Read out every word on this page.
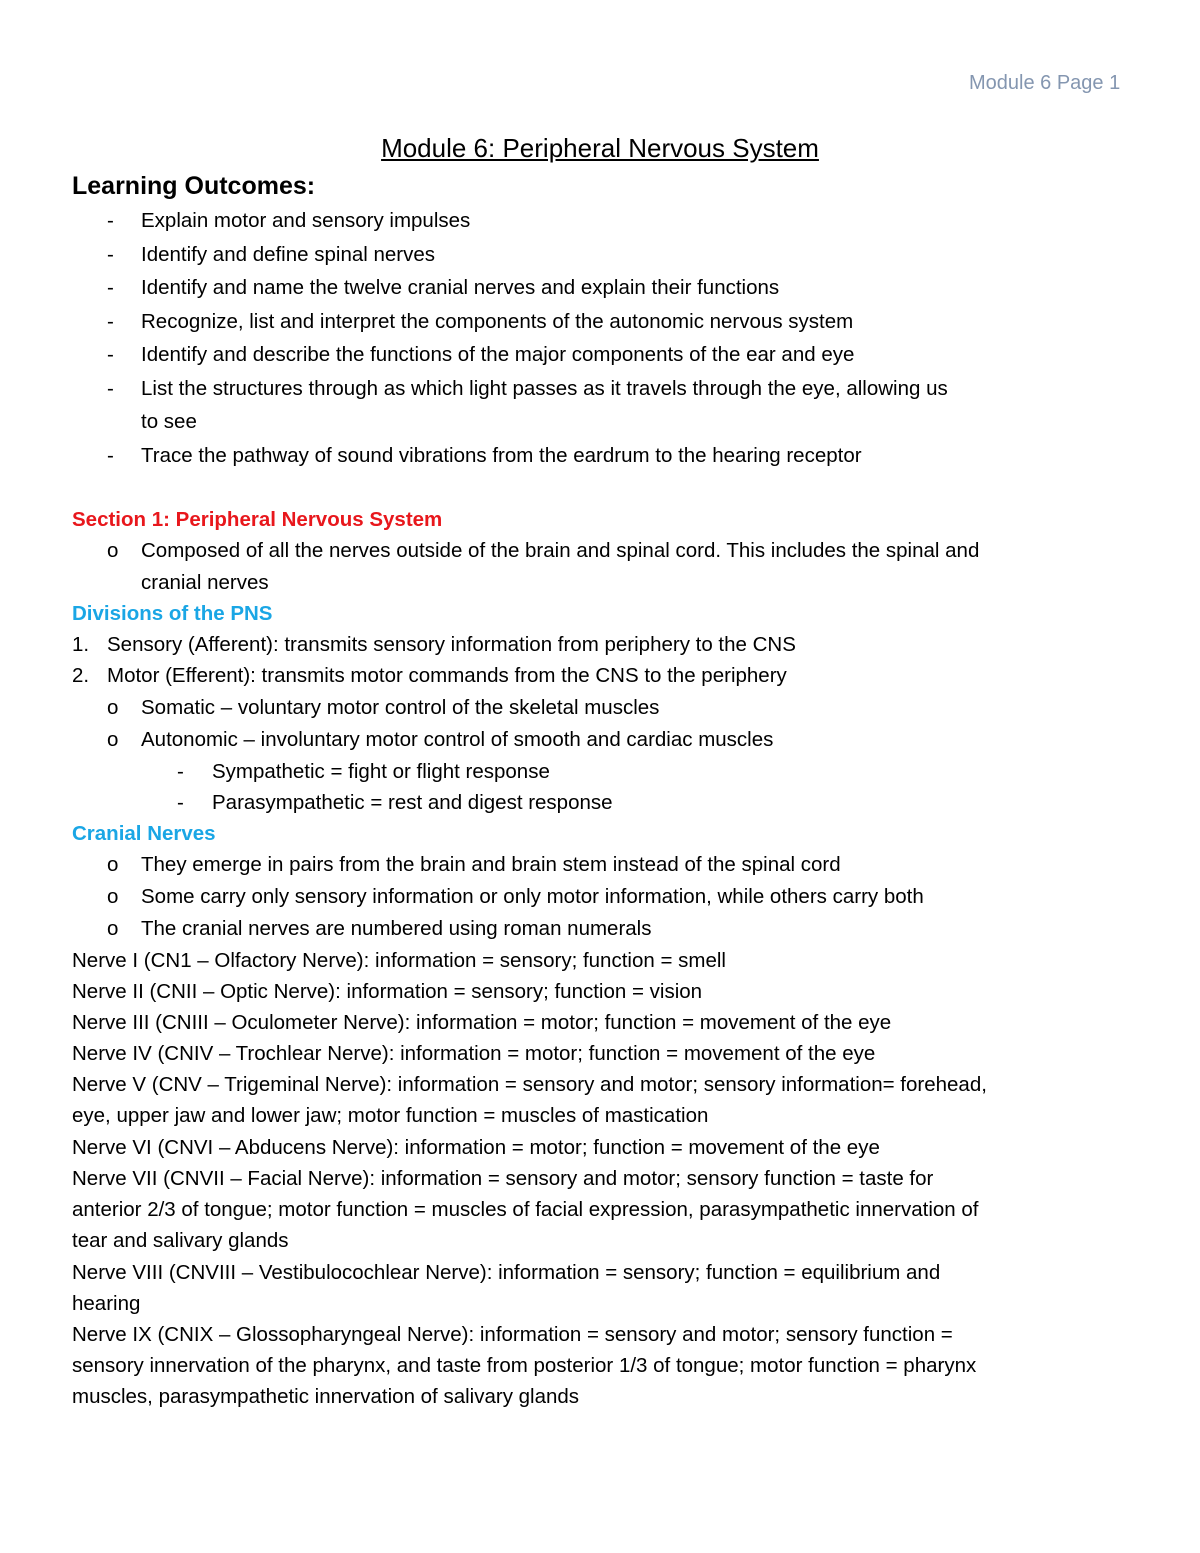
Module 6 Page 1
Module 6: Peripheral Nervous System
Learning Outcomes:
- Explain motor and sensory impulses
- Identify and define spinal nerves
- Identify and name the twelve cranial nerves and explain their functions
- Recognize, list and interpret the components of the autonomic nervous system
- Identify and describe the functions of the major components of the ear and eye
- List the structures through as which light passes as it travels through the eye, allowing us
to see
- Trace the pathway of sound vibrations from the eardrum to the hearing receptor
Section 1: Peripheral Nervous System
o Composed of all the nerves outside of the brain and spinal cord. This includes the spinal and
cranial nerves
Divisions of the PNS
1. Sensory (Afferent): transmits sensory information from periphery to the CNS
2. Motor (Efferent): transmits motor commands from the CNS to the periphery
o Somatic – voluntary motor control of the skeletal muscles
o Autonomic – involuntary motor control of smooth and cardiac muscles
- Sympathetic = fight or flight response
- Parasympathetic = rest and digest response
Cranial Nerves
o They emerge in pairs from the brain and brain stem instead of the spinal cord
o Some carry only sensory information or only motor information, while others carry both
o The cranial nerves are numbered using roman numerals
Nerve I (CN1 – Olfactory Nerve): information = sensory; function = smell
Nerve II (CNII – Optic Nerve): information = sensory; function = vision
Nerve III (CNIII – Oculometer Nerve): information = motor; function = movement of the eye
Nerve IV (CNIV – Trochlear Nerve): information = motor; function = movement of the eye
Nerve V (CNV – Trigeminal Nerve): information = sensory and motor; sensory information= forehead,
eye, upper jaw and lower jaw; motor function = muscles of mastication
Nerve VI (CNVI – Abducens Nerve): information = motor; function = movement of the eye
Nerve VII (CNVII – Facial Nerve): information = sensory and motor; sensory function = taste for
anterior 2/3 of tongue; motor function = muscles of facial expression, parasympathetic innervation of
tear and salivary glands
Nerve VIII (CNVIII – Vestibulocochlear Nerve): information = sensory; function = equilibrium and
hearing
Nerve IX (CNIX – Glossopharyngeal Nerve): information = sensory and motor; sensory function =
sensory innervation of the pharynx, and taste from posterior 1/3 of tongue; motor function = pharynx
muscles, parasympathetic innervation of salivary glands
